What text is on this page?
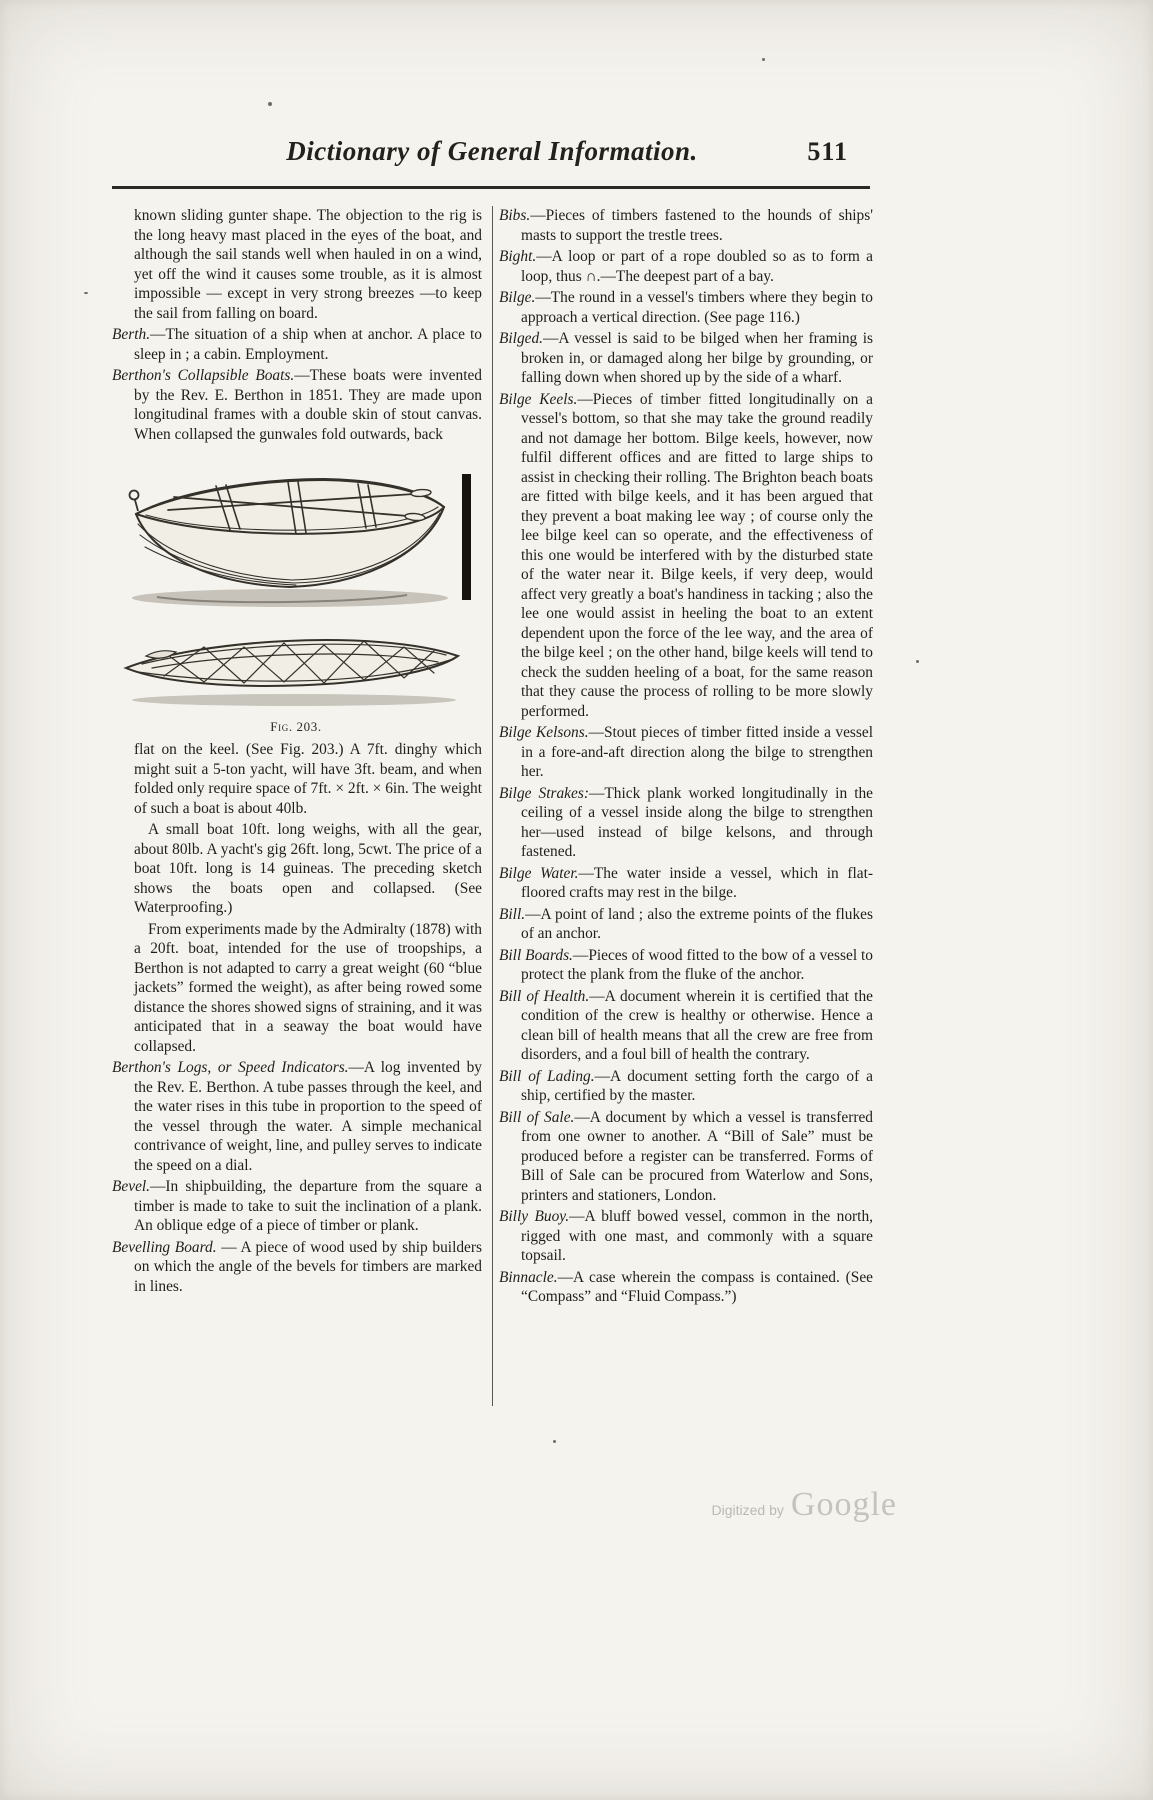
Dictionary of General Information.	511

known sliding gunter shape. The objection to the rig is the long heavy mast placed in the eyes of the boat, and although the sail stands well when hauled in on a wind, yet off the wind it causes some trouble, as it is almost impossible — except in very strong breezes —to keep the sail from falling on board.

Berth.—The situation of a ship when at anchor. A place to sleep in ; a cabin. Employment.

Berthon's Collapsible Boats.—These boats were invented by the Rev. E. Berthon in 1851. They are made upon longitudinal frames with a double skin of stout canvas. When collapsed the gunwales fold outwards, back

Fig. 203.

flat on the keel. (See Fig. 203.) A 7ft. dinghy which might suit a 5-ton yacht, will have 3ft. beam, and when folded only require space of 7ft. × 2ft. × 6in. The weight of such a boat is about 40lb.

A small boat 10ft. long weighs, with all the gear, about 80lb. A yacht's gig 26ft. long, 5cwt. The price of a boat 10ft. long is 14 guineas. The preceding sketch shows the boats open and collapsed. (See Waterproofing.)

From experiments made by the Admiralty (1878) with a 20ft. boat, intended for the use of troopships, a Berthon is not adapted to carry a great weight (60 “blue jackets” formed the weight), as after being rowed some distance the shores showed signs of straining, and it was anticipated that in a seaway the boat would have collapsed.

Berthon's Logs, or Speed Indicators.—A log invented by the Rev. E. Berthon. A tube passes through the keel, and the water rises in this tube in proportion to the speed of the vessel through the water. A simple mechanical contrivance of weight, line, and pulley serves to indicate the speed on a dial.

Bevel.—In shipbuilding, the departure from the square a timber is made to take to suit the inclination of a plank. An oblique edge of a piece of timber or plank.

Bevelling Board. — A piece of wood used by ship builders on which the angle of the bevels for timbers are marked in lines.

Bibs.—Pieces of timbers fastened to the hounds of ships' masts to support the trestle trees.

Bight.—A loop or part of a rope doubled so as to form a loop, thus ∩.—The deepest part of a bay.

Bilge.—The round in a vessel's timbers where they begin to approach a vertical direction. (See page 116.)

Bilged.—A vessel is said to be bilged when her framing is broken in, or damaged along her bilge by grounding, or falling down when shored up by the side of a wharf.

Bilge Keels.—Pieces of timber fitted longitudinally on a vessel's bottom, so that she may take the ground readily and not damage her bottom. Bilge keels, however, now fulfil different offices and are fitted to large ships to assist in checking their rolling. The Brighton beach boats are fitted with bilge keels, and it has been argued that they prevent a boat making lee way ; of course only the lee bilge keel can so operate, and the effectiveness of this one would be interfered with by the disturbed state of the water near it. Bilge keels, if very deep, would affect very greatly a boat's handiness in tacking ; also the lee one would assist in heeling the boat to an extent dependent upon the force of the lee way, and the area of the bilge keel ; on the other hand, bilge keels will tend to check the sudden heeling of a boat, for the same reason that they cause the process of rolling to be more slowly performed.

Bilge Kelsons.—Stout pieces of timber fitted inside a vessel in a fore-and-aft direction along the bilge to strengthen her.

Bilge Strakes:—Thick plank worked longitudinally in the ceiling of a vessel inside along the bilge to strengthen her—used instead of bilge kelsons, and through fastened.

Bilge Water.—The water inside a vessel, which in flat-floored crafts may rest in the bilge.

Bill.—A point of land ; also the extreme points of the flukes of an anchor.

Bill Boards.—Pieces of wood fitted to the bow of a vessel to protect the plank from the fluke of the anchor.

Bill of Health.—A document wherein it is certified that the condition of the crew is healthy or otherwise. Hence a clean bill of health means that all the crew are free from disorders, and a foul bill of health the contrary.

Bill of Lading.—A document setting forth the cargo of a ship, certified by the master.

Bill of Sale.—A document by which a vessel is transferred from one owner to another. A “Bill of Sale” must be produced before a register can be transferred. Forms of Bill of Sale can be procured from Waterlow and Sons, printers and stationers, London.

Billy Buoy.—A bluff bowed vessel, common in the north, rigged with one mast, and commonly with a square topsail.

Binnacle.—A case wherein the compass is contained. (See “Compass” and “Fluid Compass.”)

Digitized by Google
